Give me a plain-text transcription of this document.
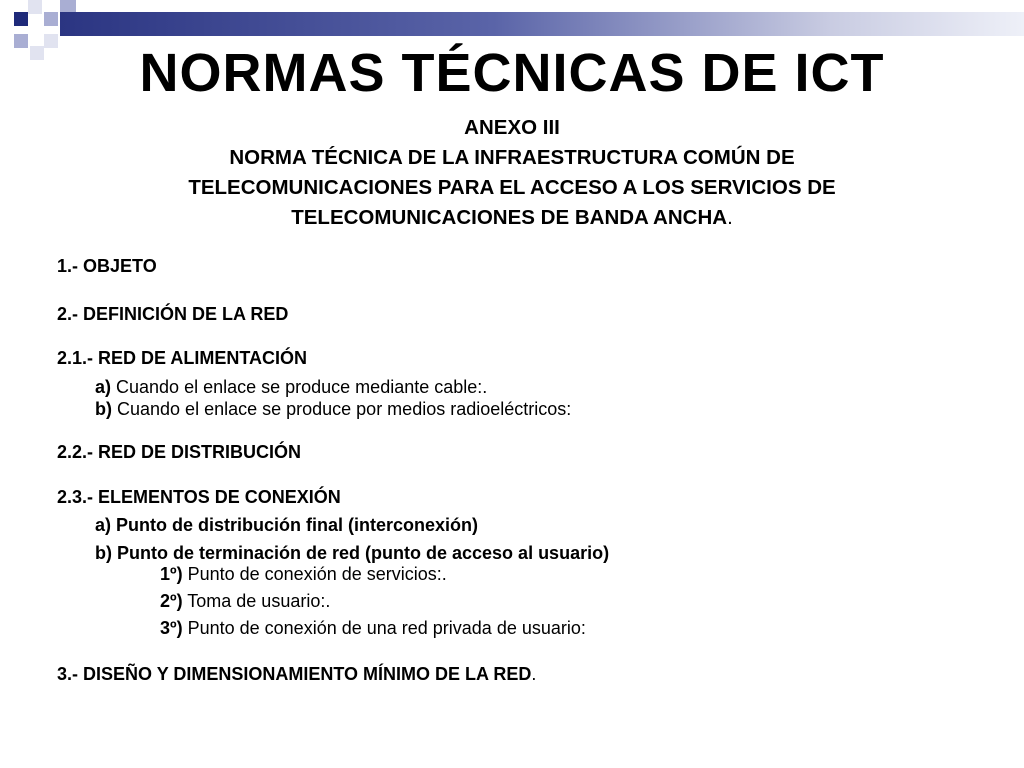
NORMAS TÉCNICAS DE ICT
ANEXO III
NORMA TÉCNICA DE LA INFRAESTRUCTURA COMÚN DE
TELECOMUNICACIONES PARA EL ACCESO A LOS SERVICIOS DE
TELECOMUNICACIONES DE BANDA ANCHA.
1.- OBJETO
2.- DEFINICIÓN DE LA RED
2.1.- RED DE ALIMENTACIÓN
a) Cuando el enlace se produce mediante cable:.
b) Cuando el enlace se produce por medios radioeléctricos:
2.2.- RED DE DISTRIBUCIÓN
2.3.- ELEMENTOS DE CONEXIÓN
a) Punto de distribución final (interconexión)
b) Punto de terminación de red (punto de acceso al usuario)
1º) Punto de conexión de servicios:.
2º) Toma de usuario:.
3º) Punto de conexión de una red privada de usuario:
3.- DISEÑO Y DIMENSIONAMIENTO MÍNIMO DE LA RED.
